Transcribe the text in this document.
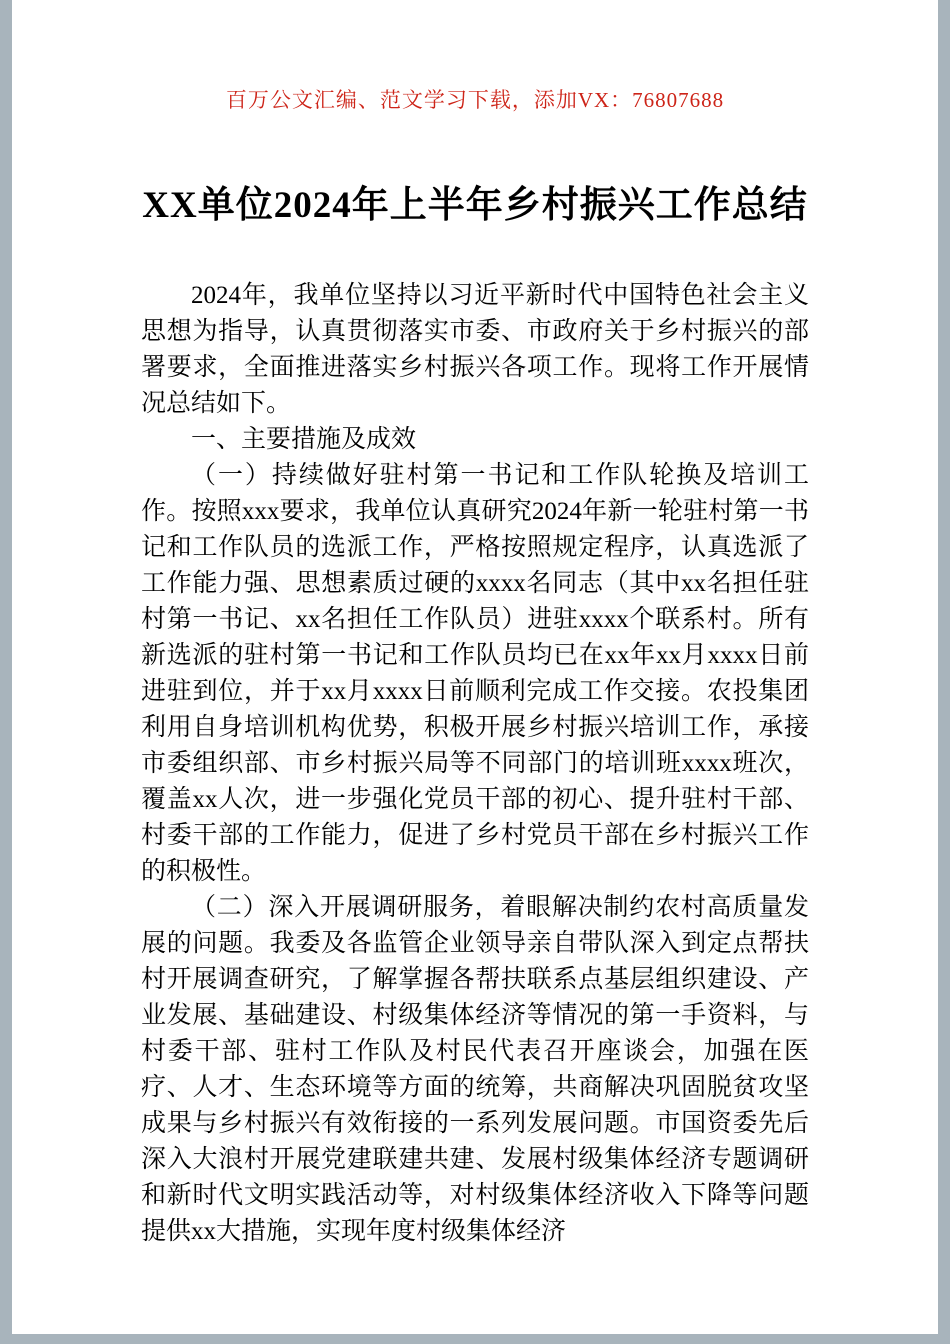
百万公文汇编、范文学习下载，添加VX：76807688
XX单位2024年上半年乡村振兴工作总结

2024年，我单位坚持以习近平新时代中国特色社会主义思想为指导，认真贯彻落实市委、市政府关于乡村振兴的部署要求，全面推进落实乡村振兴各项工作。现将工作开展情况总结如下。

一、主要措施及成效

（一）持续做好驻村第一书记和工作队轮换及培训工作。按照xxx要求，我单位认真研究2024年新一轮驻村第一书记和工作队员的选派工作，严格按照规定程序，认真选派了工作能力强、思想素质过硬的xxxx名同志（其中xx名担任驻村第一书记、xx名担任工作队员）进驻xxxx个联系村。所有新选派的驻村第一书记和工作队员均已在xx年xx月xxxx日前进驻到位，并于xx月xxxx日前顺利完成工作交接。农投集团利用自身培训机构优势，积极开展乡村振兴培训工作，承接市委组织部、市乡村振兴局等不同部门的培训班xxxx班次，覆盖xx人次，进一步强化党员干部的初心、提升驻村干部、村委干部的工作能力，促进了乡村党员干部在乡村振兴工作的积极性。

（二）深入开展调研服务，着眼解决制约农村高质量发展的问题。我委及各监管企业领导亲自带队深入到定点帮扶村开展调查研究，了解掌握各帮扶联系点基层组织建设、产业发展、基础建设、村级集体经济等情况的第一手资料，与村委干部、驻村工作队及村民代表召开座谈会，加强在医疗、人才、生态环境等方面的统筹，共商解决巩固脱贫攻坚成果与乡村振兴有效衔接的一系列发展问题。市国资委先后深入大浪村开展党建联建共建、发展村级集体经济专题调研和新时代文明实践活动等，对村级集体经济收入下降等问题提供xx大措施，实现年度村级集体经济
